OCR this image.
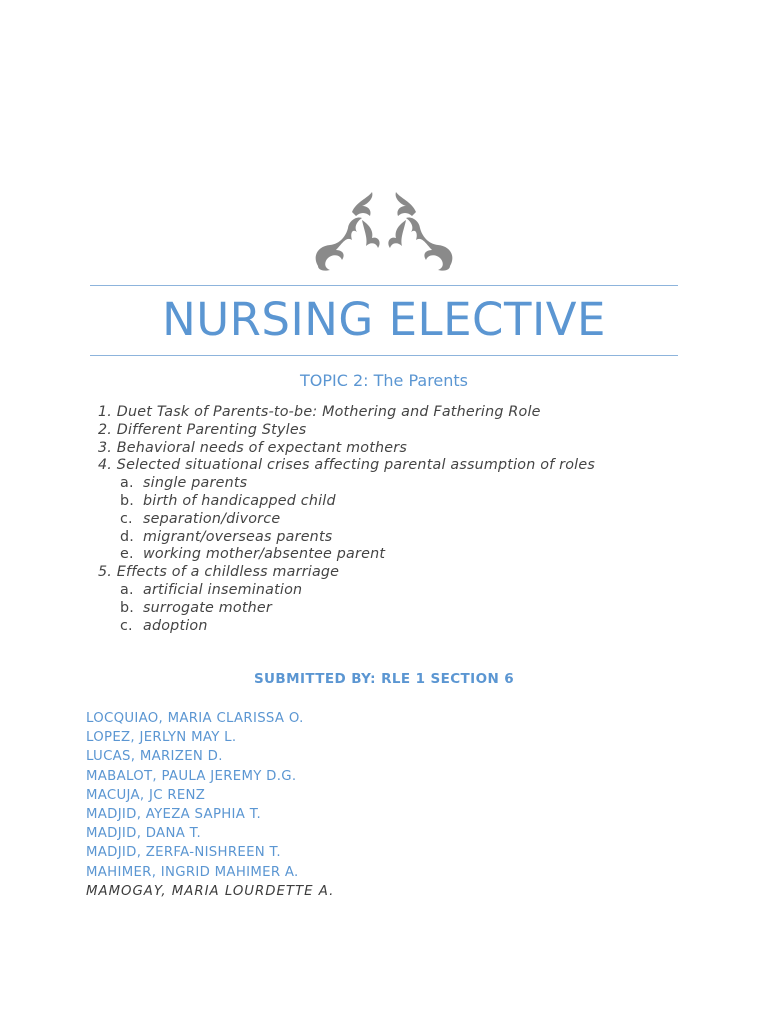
NURSING ELECTIVE
TOPIC 2: The Parents
1. Duet Task of Parents-to-be: Mothering and Fathering Role
2. Different Parenting Styles
3. Behavioral needs of expectant mothers
4. Selected situational crises affecting parental assumption of roles
a. single parents
b. birth of handicapped child
c. separation/divorce
d. migrant/overseas parents
e. working mother/absentee parent
5. Effects of a childless marriage
a. artificial insemination
b. surrogate mother
c. adoption
SUBMITTED BY: RLE 1 SECTION 6
LOCQUIAO, MARIA CLARISSA O.
LOPEZ, JERLYN MAY L.
LUCAS, MARIZEN D.
MABALOT, PAULA JEREMY D.G.
MACUJA, JC RENZ
MADJID, AYEZA SAPHIA T.
MADJID, DANA T.
MADJID, ZERFA-NISHREEN T.
MAHIMER, INGRID MAHIMER A.
MAMOGAY, MARIA LOURDETTE A.
